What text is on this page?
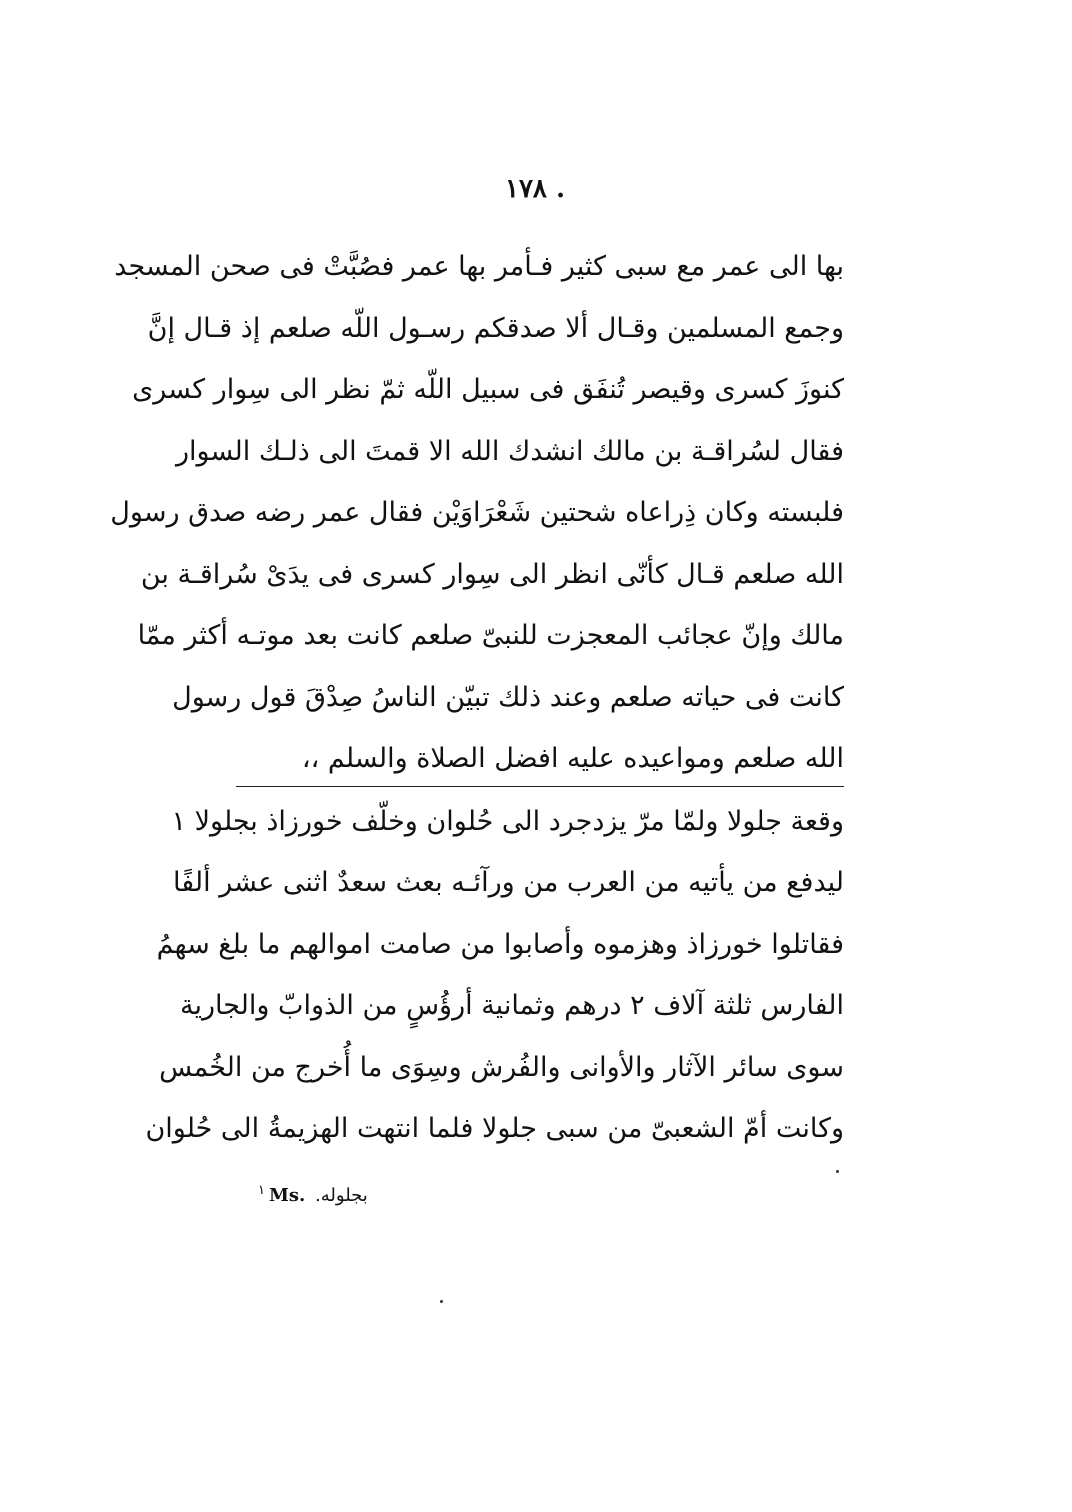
. ١٧٨
بها الى عمر مع سبى كثير فـأمر بها عمر فصُبَّتْ فى صحن المسجد
وجمع المسلمين وقـال ألا صدقكم رسـول اللّه صلعم إذ قـال إنَّ
كنوزَ كسرى وقيصر تُنفَق فى سبيل اللّه ثمّ نظر الى سِوار كسرى
فقال لسُراقـة بن مالك انشدك الله الا قمتَ الى ذلـك السوار
فلبسته وكان ذِراعاه شحتين شَعْرَاوَيْن فقال عمر رضه صدق رسول
الله صلعم قـال كأنّى انظر الى سِوار كسرى فى يدَىْ سُراقـة بن
مالك وإنّ عجائب المعجزت للنبىّ صلعم كانت بعد موتـه أكثر ممّا
كانت فى حياته صلعم وعند ذلك تبيّن الناسُ صِدْقَ قول رسول
الله صلعم ومواعيده عليه افضل الصلاة والسلم ،،
وقعة جلولا ولمّا مرّ يزدجرد الى حُلوان وخلّف خورزاذ بجلولا ١
ليدفع من يأتيه من العرب من ورآئـه بعث سعدٌ اثنى عشر ألفًا
فقاتلوا خورزاذ وهزموه وأصابوا من صامت اموالهم ما بلغ سهمُ
الفارس ثلثة آلاف ٢ درهم وثمانية أرؤُسٍ من الذوابّ والجارية
سوى سائر الآثار والأوانى والفُرش وسِوَى ما أُخرج من الخُمس
وكانت أمّ الشعبىّ من سبى جلولا فلما انتهت الهزيمةُ الى حُلوان
$^١$ Ms. بجلوله.
